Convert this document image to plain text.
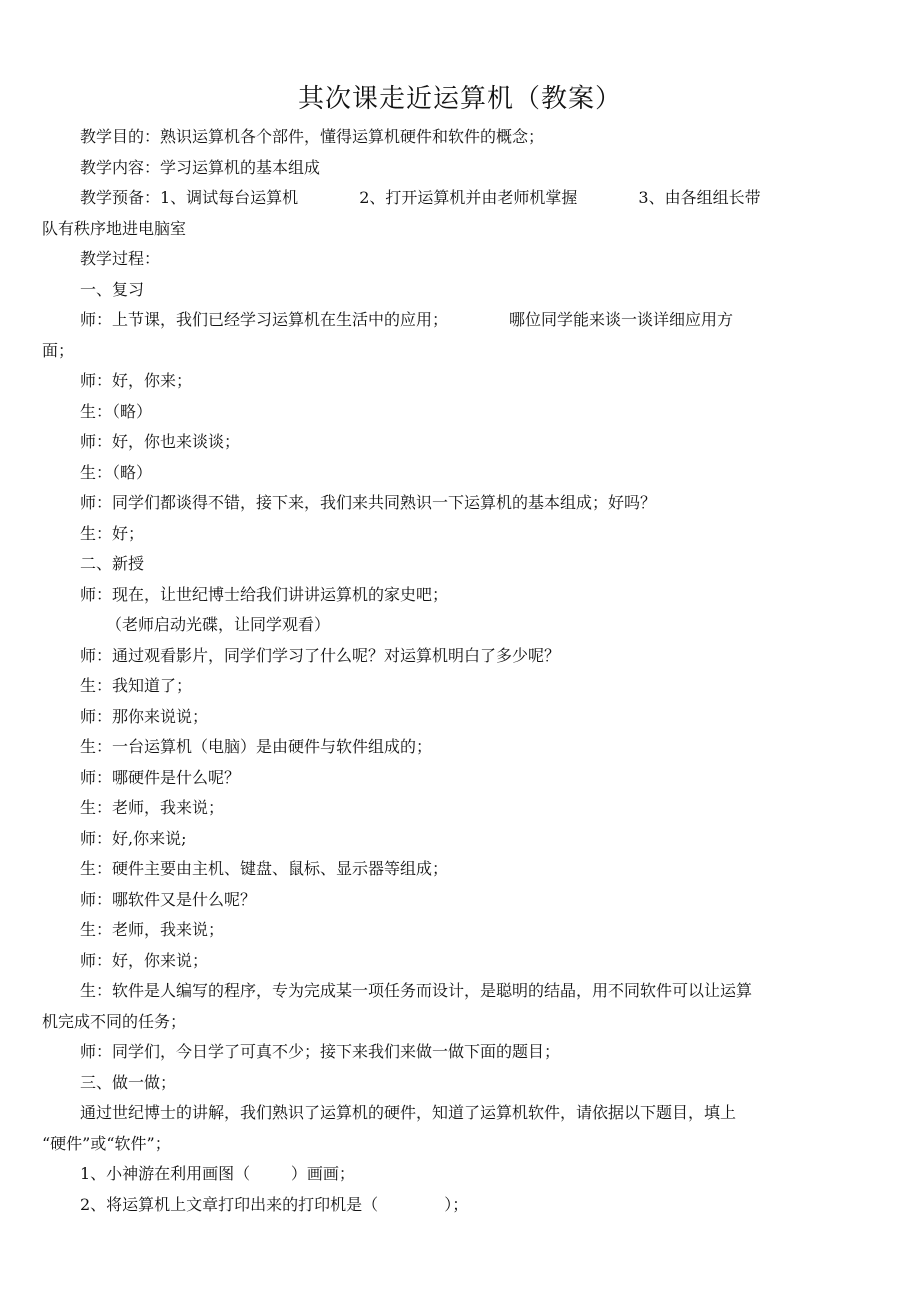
其次课走近运算机（教案）

教学目的：熟识运算机各个部件，懂得运算机硬件和软件的概念；

教学内容：学习运算机的基本组成

教学预备：1、调试每台运算机            2、打开运算机并由老师机掌握            3、由各组组长带

队有秩序地进电脑室

教学过程：

一、复习

师：上节课，我们已经学习运算机在生活中的应用；            哪位同学能来谈一谈详细应用方

面；

师：好，你来；

生：（略）

师：好，你也来谈谈；

生：（略）

师：同学们都谈得不错，接下来，我们来共同熟识一下运算机的基本组成；好吗？

生：好；

二、新授

师：现在，让世纪博士给我们讲讲运算机的家史吧；

（老师启动光碟，让同学观看）

师：通过观看影片，同学们学习了什么呢？对运算机明白了多少呢？

生：我知道了；

师：那你来说说；

生：一台运算机（电脑）是由硬件与软件组成的；

师：哪硬件是什么呢？

生：老师，我来说；

师：好,你来说;

生：硬件主要由主机、键盘、鼠标、显示器等组成；

师：哪软件又是什么呢？

生：老师，我来说；

师：好，你来说；

生：软件是人编写的程序，专为完成某一项任务而设计，是聪明的结晶，用不同软件可以让运算

机完成不同的任务；

师：同学们，今日学了可真不少；接下来我们来做一做下面的题目；

三、做一做；

通过世纪博士的讲解，我们熟识了运算机的硬件，知道了运算机软件，请依据以下题目，填上

“硬件”或“软件”；

1、小神游在利用画图（        ）画画；

2、将运算机上文章打印出来的打印机是（             ）；
